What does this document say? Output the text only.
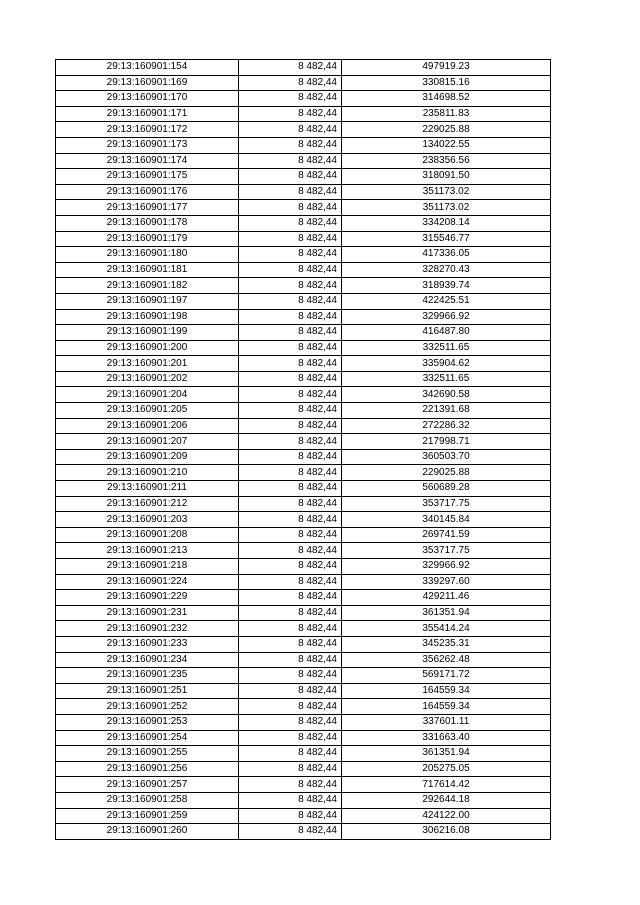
29:13:160901:154	8 482,44	497919.23
29:13:160901:169	8 482,44	330815.16
29:13:160901:170	8 482,44	314698.52
29:13:160901:171	8 482,44	235811.83
29:13:160901:172	8 482,44	229025.88
29:13:160901:173	8 482,44	134022.55
29:13:160901:174	8 482,44	238356.56
29:13:160901:175	8 482,44	318091.50
29:13:160901:176	8 482,44	351173.02
29:13:160901:177	8 482,44	351173.02
29:13:160901:178	8 482,44	334208.14
29:13:160901:179	8 482,44	315546.77
29:13:160901:180	8 482,44	417336.05
29:13:160901:181	8 482,44	328270.43
29:13:160901:182	8 482,44	318939.74
29:13:160901:197	8 482,44	422425.51
29:13:160901:198	8 482,44	329966.92
29:13:160901:199	8 482,44	416487.80
29:13:160901:200	8 482,44	332511.65
29:13:160901:201	8 482,44	335904.62
29:13:160901:202	8 482,44	332511.65
29:13:160901:204	8 482,44	342690.58
29:13:160901:205	8 482,44	221391.68
29:13:160901:206	8 482,44	272286.32
29:13:160901:207	8 482,44	217998.71
29:13:160901:209	8 482,44	360503.70
29:13:160901:210	8 482,44	229025.88
29:13:160901:211	8 482,44	560689.28
29:13:160901:212	8 482,44	353717.75
29:13:160901:203	8 482,44	340145.84
29:13:160901:208	8 482,44	269741.59
29:13:160901:213	8 482,44	353717.75
29:13:160901:218	8 482,44	329966.92
29:13:160901:224	8 482,44	339297.60
29:13:160901:229	8 482,44	429211.46
29:13:160901:231	8 482,44	361351.94
29:13:160901:232	8 482,44	355414.24
29:13:160901:233	8 482,44	345235.31
29:13:160901:234	8 482,44	356262.48
29:13:160901:235	8 482,44	569171.72
29:13:160901:251	8 482,44	164559.34
29:13:160901:252	8 482,44	164559.34
29:13:160901:253	8 482,44	337601.11
29:13:160901:254	8 482,44	331663.40
29:13:160901:255	8 482,44	361351.94
29:13:160901:256	8 482,44	205275.05
29:13:160901:257	8 482,44	717614.42
29:13:160901:258	8 482,44	292644.18
29:13:160901:259	8 482,44	424122.00
29:13:160901:260	8 482,44	306216.08
